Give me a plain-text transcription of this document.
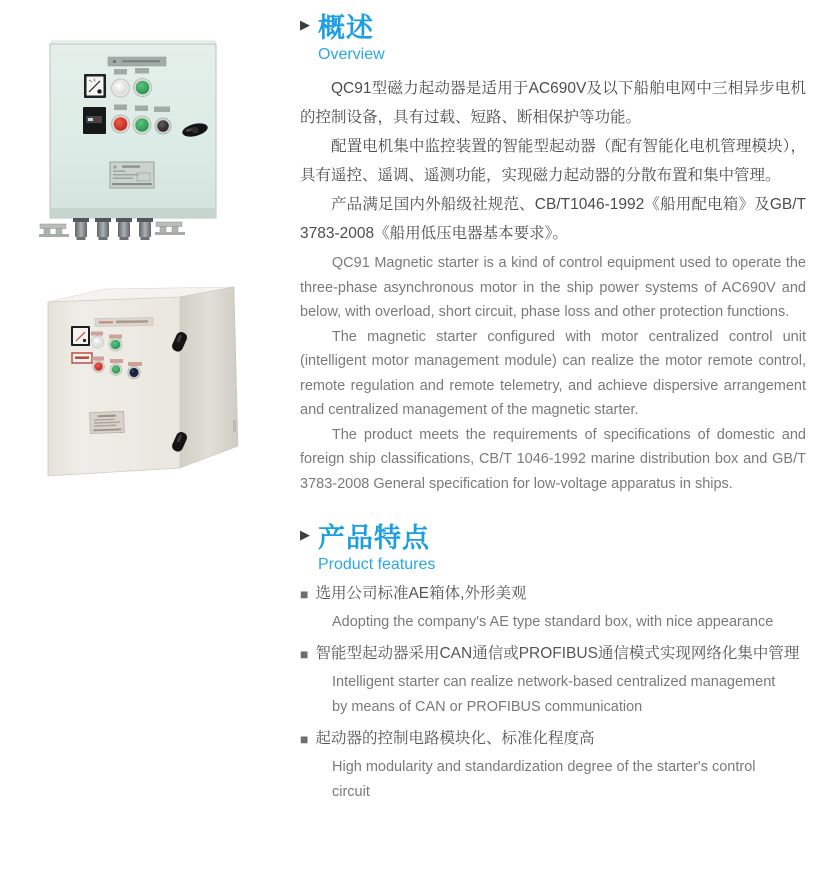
▶ 概述
Overview

QC91型磁力起动器是适用于AC690V及以下船舶电网中三相异步电机的控制设备，具有过载、短路、断相保护等功能。

配置电机集中监控装置的智能型起动器（配有智能化电机管理模块），具有遥控、遥调、遥测功能，实现磁力起动器的分散布置和集中管理。

产品满足国内外船级社规范、CB/T1046-1992《船用配电箱》及GB/T 3783-2008《船用低压电器基本要求》。

QC91 Magnetic starter is a kind of control equipment used to operate the three-phase asynchronous motor in the ship power systems of AC690V and below, with overload, short circuit, phase loss and other protection functions.

The magnetic starter configured with motor centralized control unit (intelligent motor management module) can realize the motor remote control, remote regulation and remote telemetry, and achieve dispersive arrangement and centralized management of the magnetic starter.

The product meets the requirements of specifications of domestic and foreign ship classifications, CB/T 1046-1992 marine distribution box and GB/T 3783-2008 General specification for low-voltage apparatus in ships.

▶ 产品特点
Product features
■ 选用公司标准AE箱体,外形美观
Adopting the company's AE type standard box, with nice appearance
■ 智能型起动器采用CAN通信或PROFIBUS通信模式实现网络化集中管理
Intelligent starter can realize network-based centralized management by means of CAN or PROFIBUS communication
■ 起动器的控制电路模块化、标准化程度高
High modularity and standardization degree of the starter's control circuit
